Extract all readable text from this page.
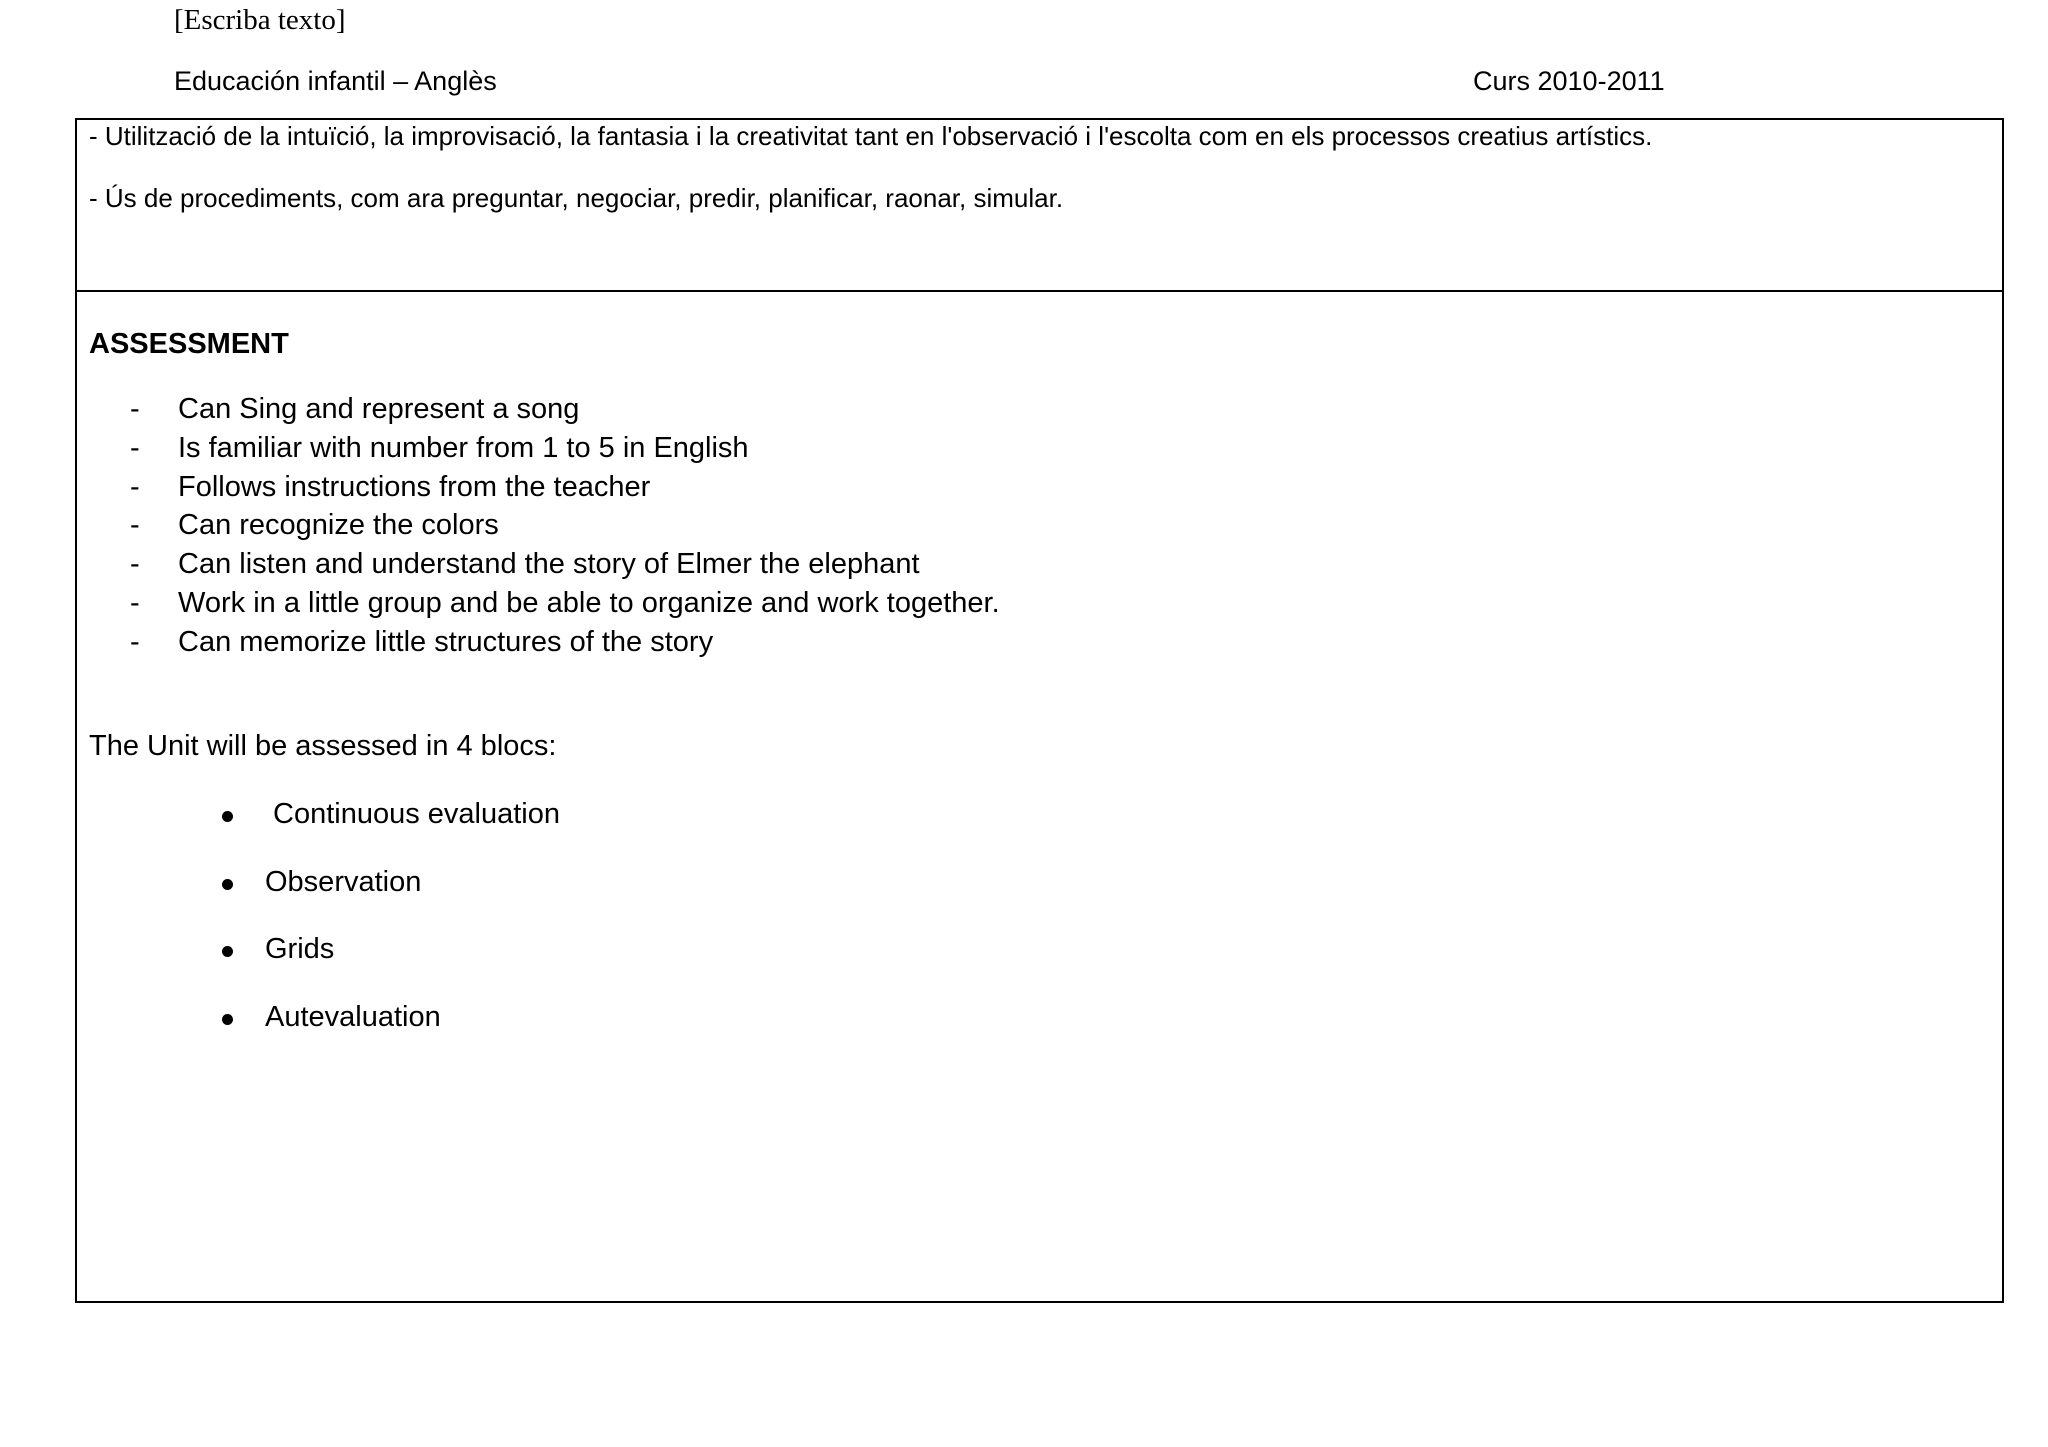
[Escriba texto]
Educación infantil – Anglès	Curs 2010-2011
- Utilització de la intuïció, la improvisació, la fantasia i la creativitat tant en l'observació i l'escolta com en els processos creatius artístics.
- Ús de procediments, com ara preguntar, negociar, predir, planificar, raonar, simular.
ASSESSMENT
- Can Sing and represent a song
- Is familiar with number from 1 to 5 in English
- Follows instructions from the teacher
- Can recognize the colors
- Can listen and understand the story of Elmer the elephant
- Work in a little group and be able to organize and work together.
- Can memorize little structures of the story
The Unit will be assessed in 4 blocs:
Continuous evaluation
Observation
Grids
Autevaluation
